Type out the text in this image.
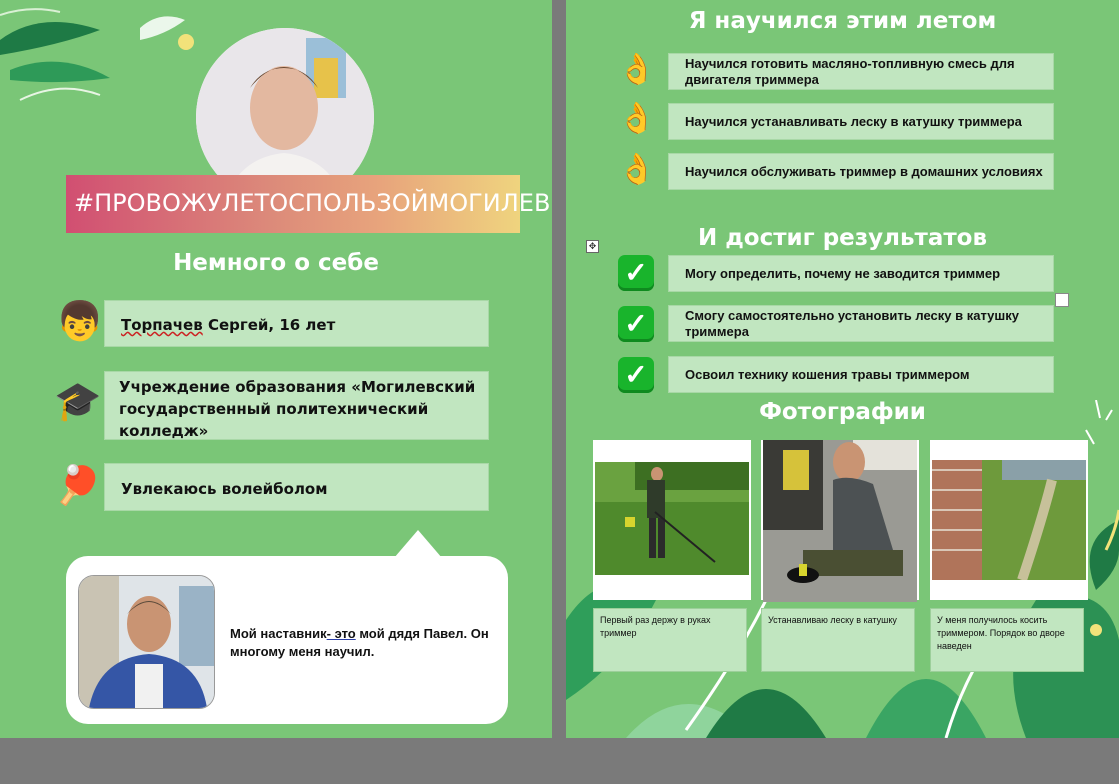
#ПРОВОЖУЛЕТОСПОЛЬЗОЙМОГИЛЕВ
Немного о себе
👦 Торпачев Сергей, 16 лет
🎓 Учреждение образования «Могилевский государственный политехнический колледж»
🏓 Увлекаюсь волейболом
Мой наставник- это мой дядя Павел. Он многому меня научил.
Я научился этим летом
👌 Научился готовить масляно-топливную смесь для двигателя триммера
👌 Научился устанавливать леску в катушку триммера
👌 Научился обслуживать триммер в домашних условиях
И достиг результатов
✓	Могу определить, почему не заводится триммер
✓	Смогу самостоятельно установить леску в катушку триммера
✓	Освоил технику кошения травы триммером
Фотографии
Первый раз держу в руках триммер
Устанавливаю леску в катушку	У меня получилось косить триммером. Порядок во дворе наведен
✥
